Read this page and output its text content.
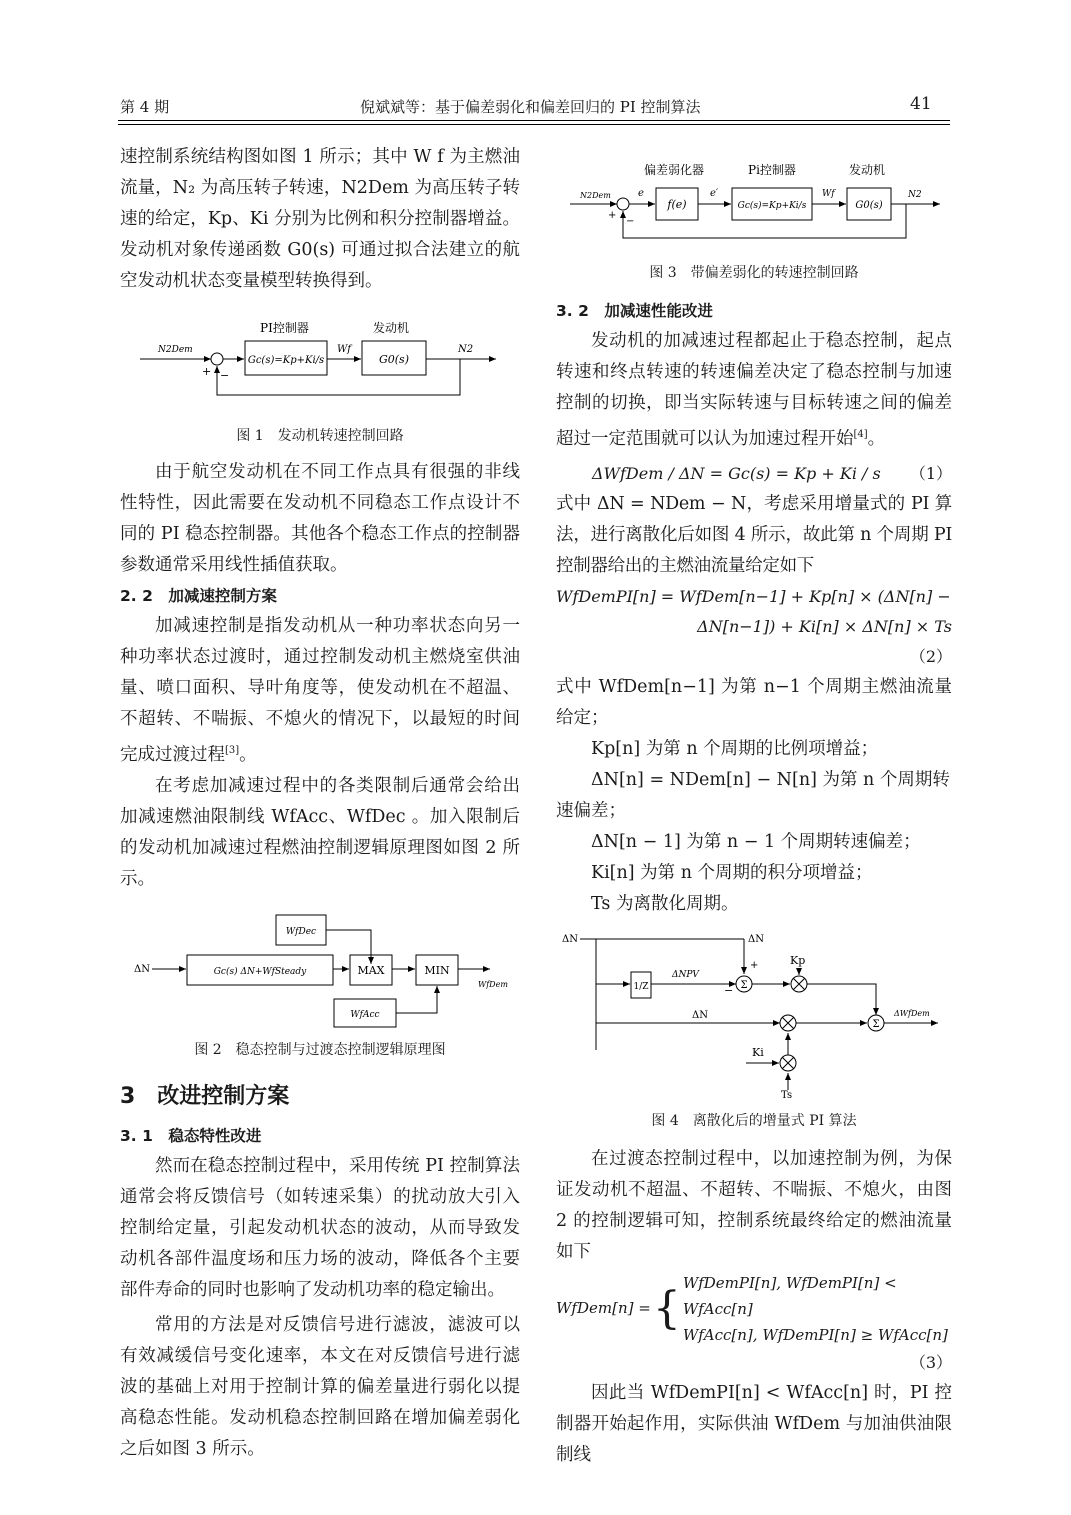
第 4 期	倪斌斌等：基于偏差弱化和偏差回归的 PI 控制算法	41

速控制系统结构图如图 1 所示；其中 W f 为主燃油流量，N₂ 为高压转子转速，N2Dem 为高压转子转速的给定，Kp、Ki 分别为比例和积分控制器增益。发动机对象传递函数 G0(s) 可通过拟合法建立的航空发动机状态变量模型转换得到。

PI控制器	发动机
N2Dem
+ −
Gc(s)=Kp+Ki/s
Wf
G0(s)
N2

图 1　发动机转速控制回路

由于航空发动机在不同工作点具有很强的非线性特性，因此需要在发动机不同稳态工作点设计不同的 PI 稳态控制器。其他各个稳态工作点的控制器参数通常采用线性插值获取。

2. 2　加减速控制方案

加减速控制是指发动机从一种功率状态向另一种功率状态过渡时，通过控制发动机主燃烧室供油量、喷口面积、导叶角度等，使发动机在不超温、不超转、不喘振、不熄火的情况下，以最短的时间完成过渡过程[3]。

在考虑加减速过程中的各类限制后通常会给出加减速燃油限制线 WfAcc、WfDec 。加入限制后的发动机加减速过程燃油控制逻辑原理图如图 2 所示。

WfDec
ΔN	Gc(s) ΔN+WfSteady	MAX	MIN
WfDem
WfAcc

图 2　稳态控制与过渡态控制逻辑原理图

3　改进控制方案

3. 1　稳态特性改进

然而在稳态控制过程中，采用传统 PI 控制算法通常会将反馈信号（如转速采集）的扰动放大引入控制给定量，引起发动机状态的波动，从而导致发动机各部件温度场和压力场的波动，降低各个主要部件寿命的同时也影响了发动机功率的稳定输出。

常用的方法是对反馈信号进行滤波，滤波可以有效减缓信号变化速率，本文在对反馈信号进行滤波的基础上对用于控制计算的偏差量进行弱化以提高稳态性能。发动机稳态控制回路在增加偏差弱化之后如图 3 所示。

偏差弱化器	Pi控制器	发动机
N2Dem
+
−
e
f(e)
e′
Gc(s)=Kp+Ki/s
Wf
G0(s)
N2

图 3　带偏差弱化的转速控制回路

3. 2　加减速性能改进

发动机的加减速过程都起止于稳态控制，起点转速和终点转速的转速偏差决定了稳态控制与加速控制的切换，即当实际转速与目标转速之间的偏差超过一定范围就可以认为加速过程开始[4]。

ΔWfDem / ΔN = Gc(s) = Kp + Ki / s （1）

式中 ΔN = NDem − N，考虑采用增量式的 PI 算法，进行离散化后如图 4 所示，故此第 n 个周期 PI 控制器给出的主燃油流量给定如下

WfDemPI[n] = WfDem[n−1] + Kp[n] × (ΔN[n] −

ΔN[n−1]) + Ki[n] × ΔN[n] × Ts

（2）

式中 WfDem[n−1] 为第 n−1 个周期主燃油流量给定；

Kp[n] 为第 n 个周期的比例项增益；

ΔN[n] = NDem[n] − N[n] 为第 n 个周期转

速偏差；

ΔN[n − 1] 为第 n − 1 个周期转速偏差；

Ki[n] 为第 n 个周期的积分项增益；

Ts 为离散化周期。

ΔN	ΔN
+
1/Z
ΔNPV
− Σ
Kp
ΔN
Σ
ΔWfDem
Ki
Ts

图 4　离散化后的增量式 PI 算法

在过渡态控制过程中，以加速控制为例，为保证发动机不超温、不超转、不喘振、不熄火，由图 2 的控制逻辑可知，控制系统最终给定的燃油流量如下

WfDem[n] = { WfDemPI[n], WfDemPI[n] < WfAcc[n]
WfAcc[n], WfDemPI[n] ≥ WfAcc[n]

（3）

因此当 WfDemPI[n] < WfAcc[n] 时，PI 控制器开始起作用，实际供油 WfDem 与加油供油限制线
